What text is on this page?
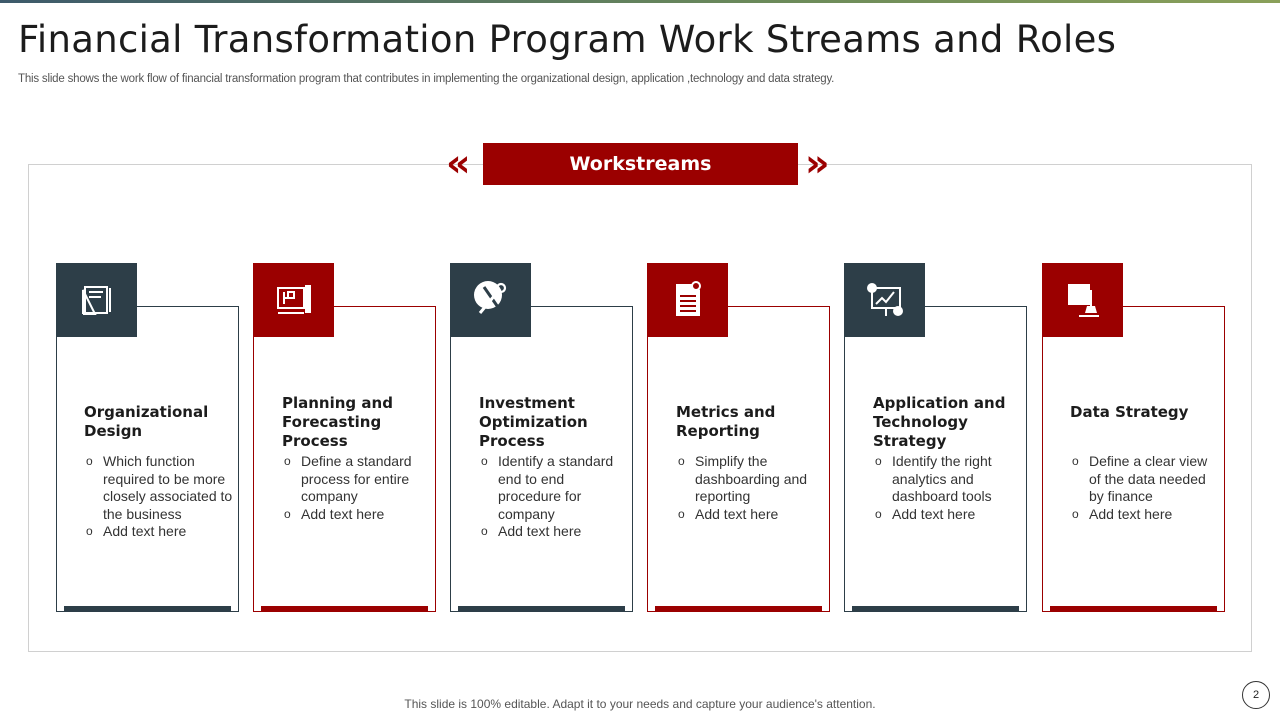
Financial Transformation Program Work Streams and Roles

This slide shows the work flow of financial transformation program that contributes in implementing the organizational design, application ,technology and data strategy.

«	Workstreams »
Organizational Design
o Which function required to be more closely associated to the business
o Add text here
Planning and Forecasting Process
o Define a standard process for entire company
o Add text here
Investment Optimization Process
o Identify a standard end to end procedure for company
o Add text here
Metrics and Reporting
o Simplify the dashboarding and reporting
o Add text here
Application and Technology Strategy
o Identify the right analytics and dashboard tools
o Add text here
Data Strategy
o Define a clear view of the data needed by finance
o Add text here
This slide is 100% editable. Adapt it to your needs and capture your audience's attention.
2
